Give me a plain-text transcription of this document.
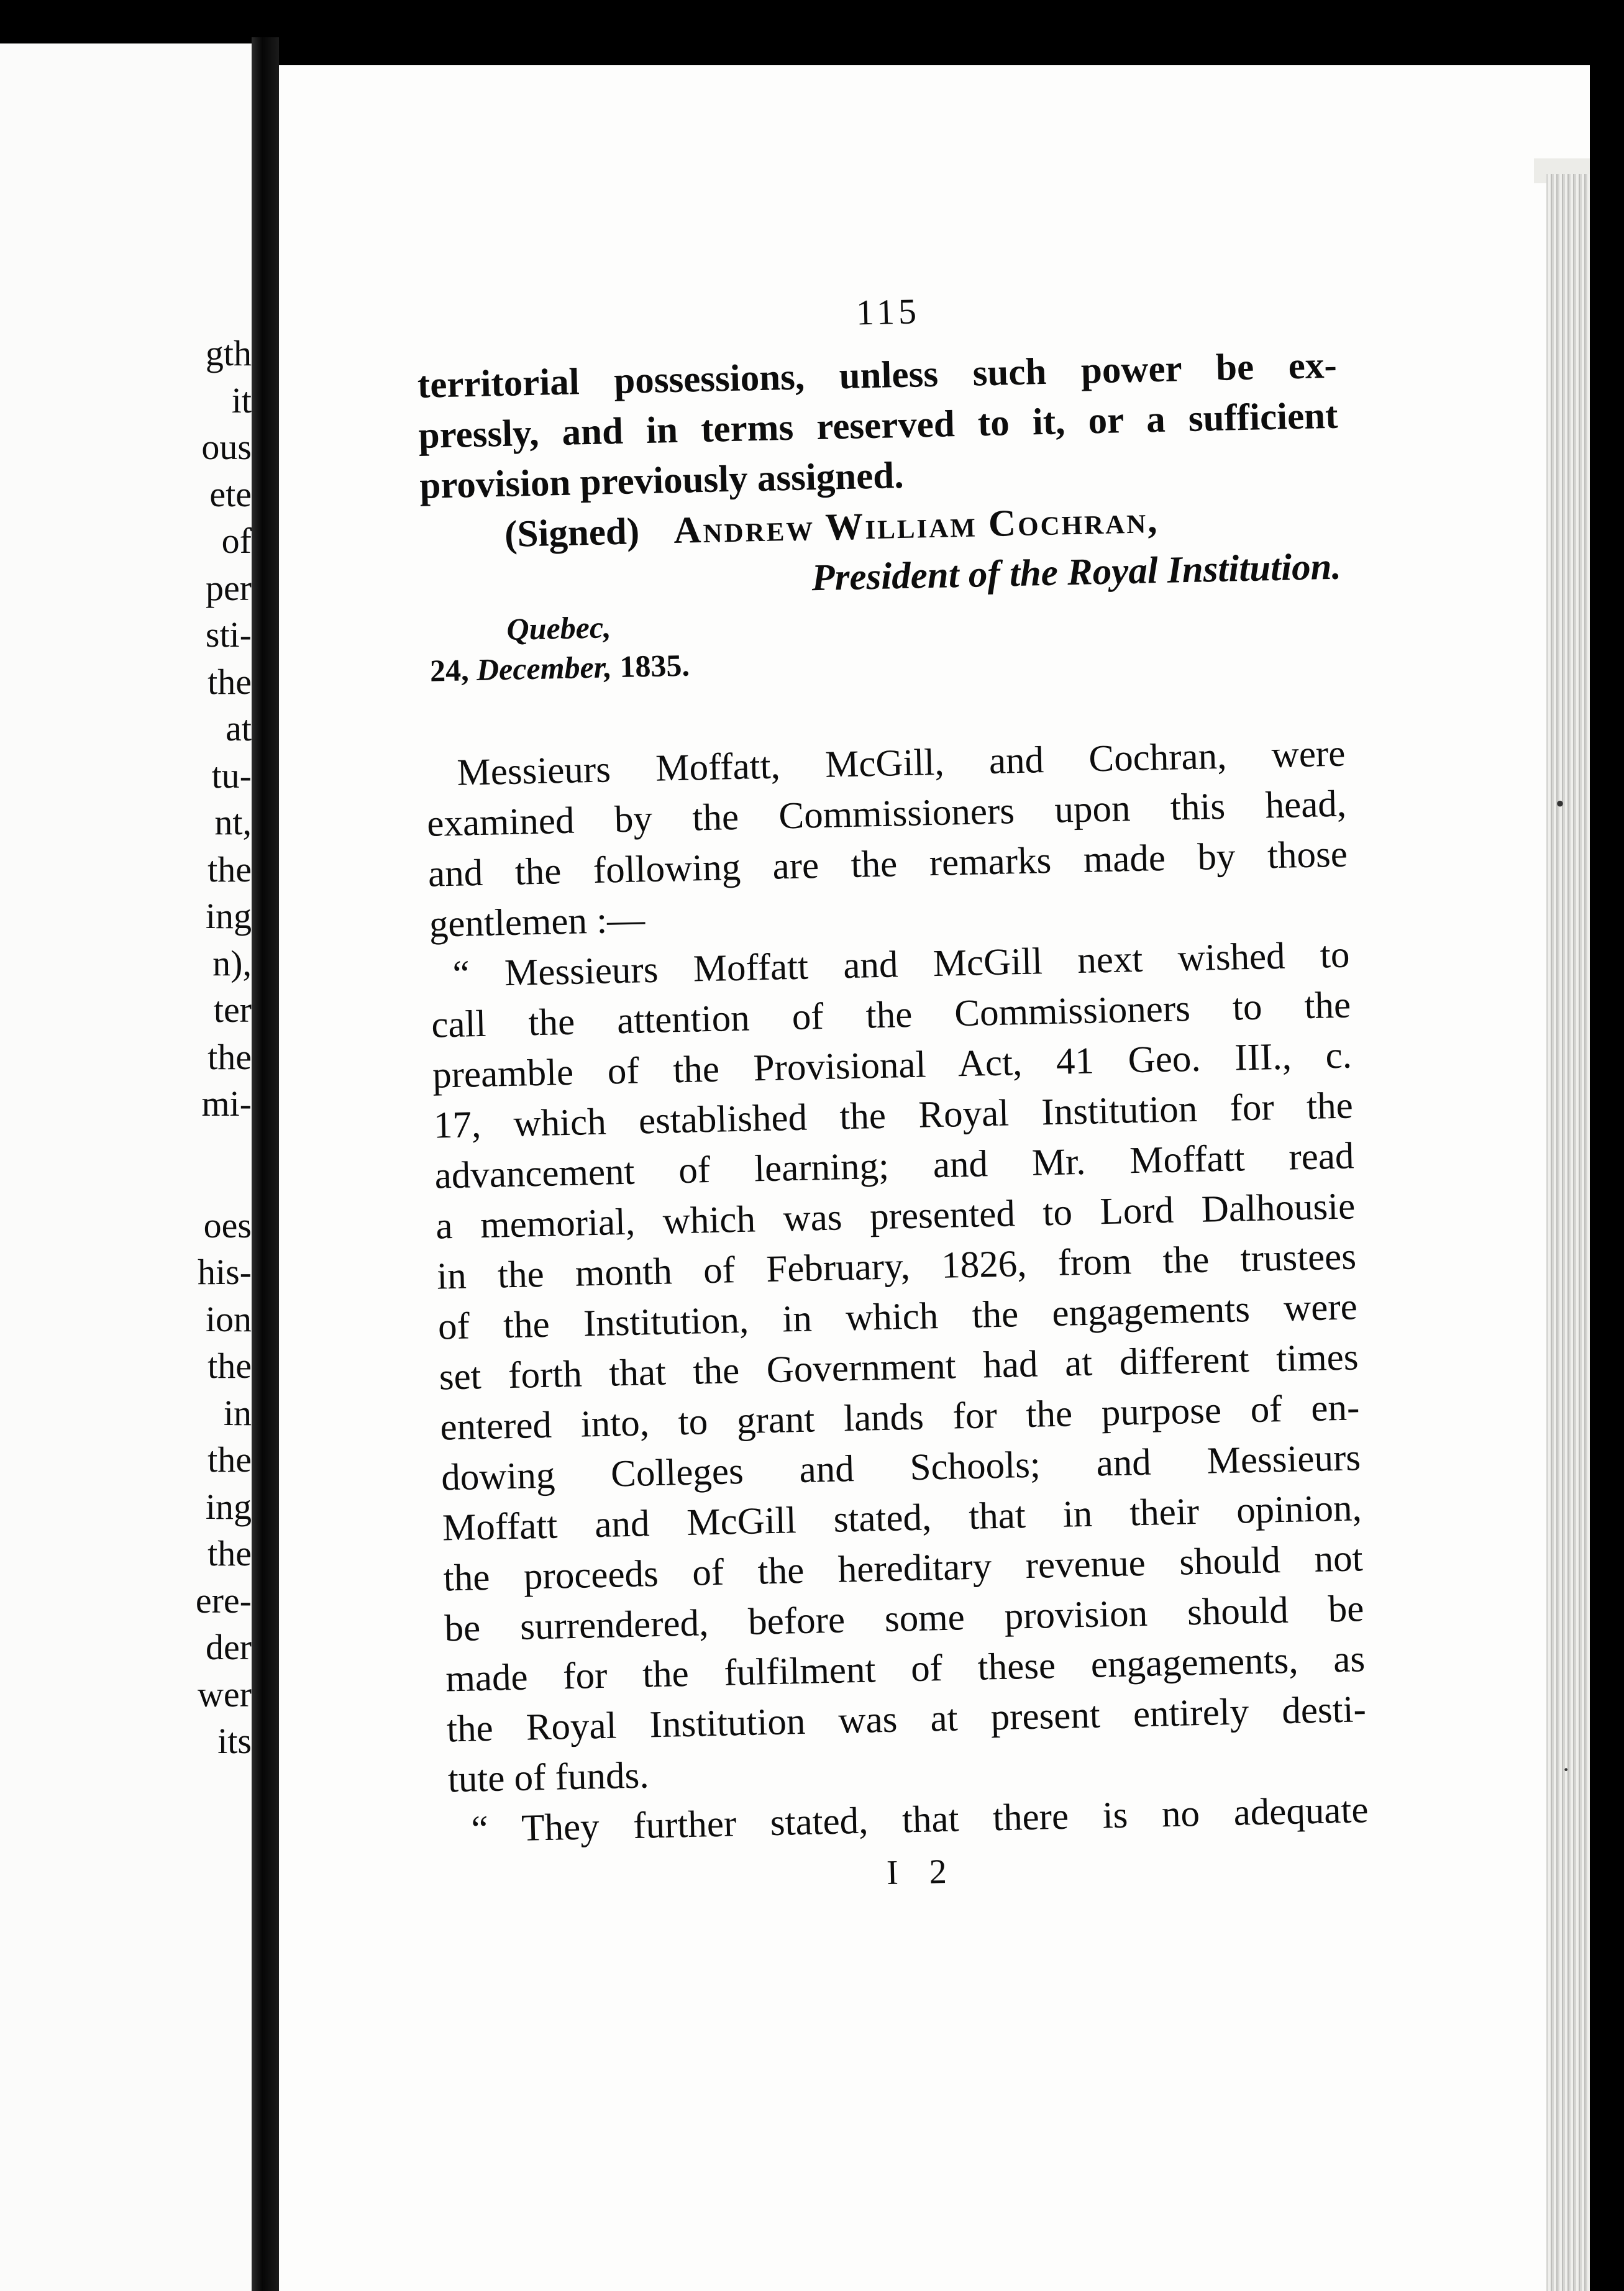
gth
it
ous
ete
of
per
sti-
the
at
tu-
nt,
the
ing
n),
ter
the
mi-
oes
his-
ion
the
in
the
ing
the
ere-
der
wer
its
115
territorial possessions, unless such power be ex-
pressly, and in terms reserved to it, or a sufficient
provision previously assigned.
(Signed) Andrew William Cochran,
President of the Royal Institution.
Quebec,
24, December, 1835.
Messieurs Moffatt, McGill, and Cochran, were
examined by the Commissioners upon this head,
and the following are the remarks made by those
gentlemen :—
“ Messieurs Moffatt and McGill next wished to
call the attention of the Commissioners to the
preamble of the Provisional Act, 41 Geo. III., c.
17, which established the Royal Institution for the
advancement of learning; and Mr. Moffatt read
a memorial, which was presented to Lord Dalhousie
in the month of February, 1826, from the trustees
of the Institution, in which the engagements were
set forth that the Government had at different times
entered into, to grant lands for the purpose of en-
dowing Colleges and Schools; and Messieurs
Moffatt and McGill stated, that in their opinion,
the proceeds of the hereditary revenue should not
be surrendered, before some provision should be
made for the fulfilment of these engagements, as
the Royal Institution was at present entirely desti-
tute of funds.
“ They further stated, that there is no adequate
I 2
•
·
